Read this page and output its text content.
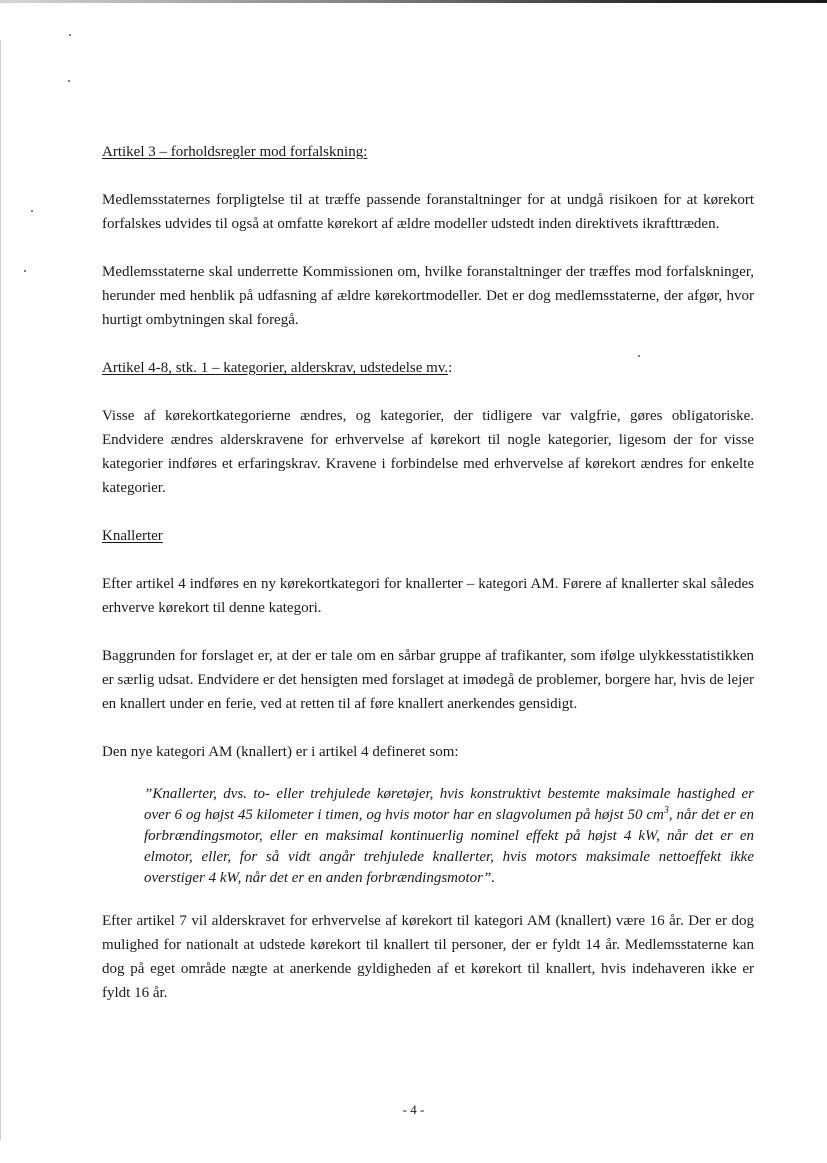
Artikel 3 – forholdsregler mod forfalskning:

Medlemsstaternes forpligtelse til at træffe passende foranstaltninger for at undgå risikoen for at kørekort forfalskes udvides til også at omfatte kørekort af ældre modeller udstedt inden direktivets ikrafttræden.

Medlemsstaterne skal underrette Kommissionen om, hvilke foranstaltninger der træffes mod forfalskninger, herunder med henblik på udfasning af ældre kørekortmodeller. Det er dog medlemsstaterne, der afgør, hvor hurtigt ombytningen skal foregå.

Artikel 4-8, stk. 1 – kategorier, alderskrav, udstedelse mv.:

Visse af kørekortkategorierne ændres, og kategorier, der tidligere var valgfrie, gøres obligatoriske. Endvidere ændres alderskravene for erhvervelse af kørekort til nogle kategorier, ligesom der for visse kategorier indføres et erfaringskrav. Kravene i forbindelse med erhvervelse af kørekort ændres for enkelte kategorier.

Knallerter

Efter artikel 4 indføres en ny kørekortkategori for knallerter – kategori AM. Førere af knallerter skal således erhverve kørekort til denne kategori.

Baggrunden for forslaget er, at der er tale om en sårbar gruppe af trafikanter, som ifølge ulykkesstatistikken er særlig udsat. Endvidere er det hensigten med forslaget at imødegå de problemer, borgere har, hvis de lejer en knallert under en ferie, ved at retten til af føre knallert anerkendes gensidigt.

Den nye kategori AM (knallert) er i artikel 4 defineret som:

”Knallerter, dvs. to- eller trehjulede køretøjer, hvis konstruktivt bestemte maksimale hastighed er over 6 og højst 45 kilometer i timen, og hvis motor har en slagvolumen på højst 50 $cm^3$, når det er en forbrændingsmotor, eller en maksimal kontinuerlig nominel effekt på højst 4 kW, når det er en elmotor, eller, for så vidt angår trehjulede knallerter, hvis motors maksimale nettoeffekt ikke overstiger 4 kW, når det er en anden forbrændingsmotor”.

Efter artikel 7 vil alderskravet for erhvervelse af kørekort til kategori AM (knallert) være 16 år. Der er dog mulighed for nationalt at udstede kørekort til knallert til personer, der er fyldt 14 år. Medlemsstaterne kan dog på eget område nægte at anerkende gyldigheden af et kørekort til knallert, hvis indehaveren ikke er fyldt 16 år.

- 4 -
